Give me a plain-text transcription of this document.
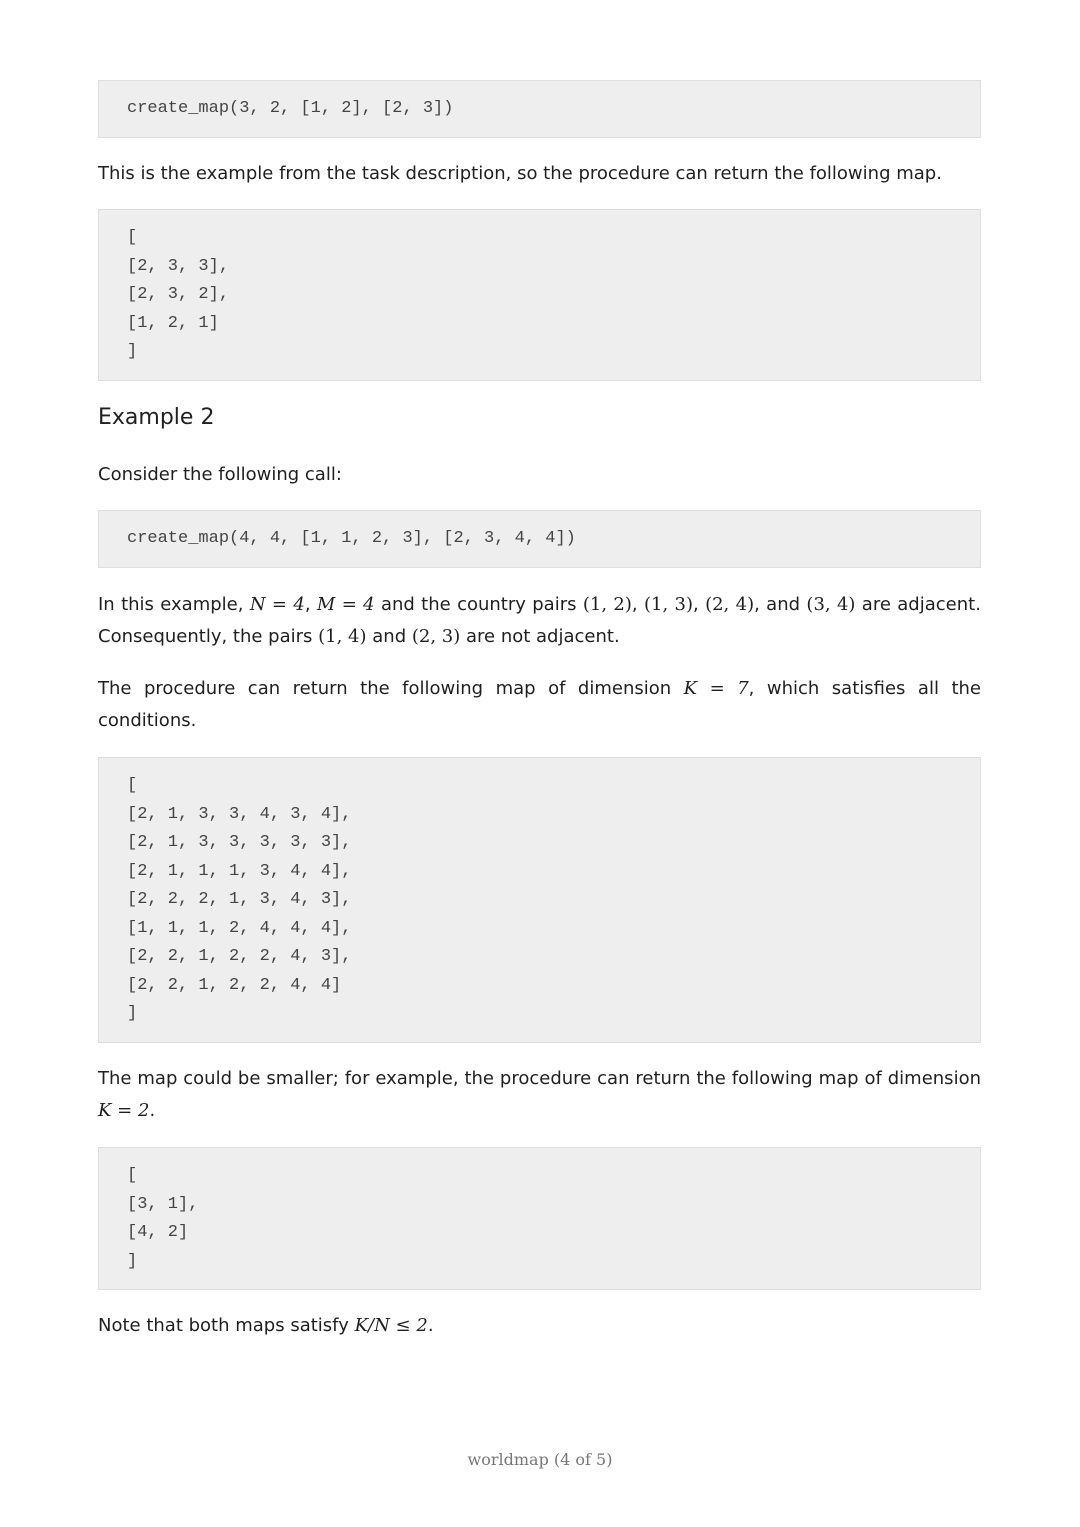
create_map(3, 2, [1, 2], [2, 3])

This is the example from the task description, so the procedure can return the following map.

[
[2, 3, 3],
[2, 3, 2],
[1, 2, 1]
]
Example 2

Consider the following call:

create_map(4, 4, [1, 1, 2, 3], [2, 3, 4, 4])

In this example, N = 4, M = 4 and the country pairs (1, 2), (1, 3), (2, 4), and (3, 4) are adjacent. Consequently, the pairs (1, 4) and (2, 3) are not adjacent.

The procedure can return the following map of dimension K = 7, which satisfies all the conditions.

[
[2, 1, 3, 3, 4, 3, 4],
[2, 1, 3, 3, 3, 3, 3],
[2, 1, 1, 1, 3, 4, 4],
[2, 2, 2, 1, 3, 4, 3],
[1, 1, 1, 2, 4, 4, 4],
[2, 2, 1, 2, 2, 4, 3],
[2, 2, 1, 2, 2, 4, 4]
]

The map could be smaller; for example, the procedure can return the following map of dimension K = 2.

[
[3, 1],
[4, 2]
]

Note that both maps satisfy K/N ≤ 2.

worldmap (4 of 5)
